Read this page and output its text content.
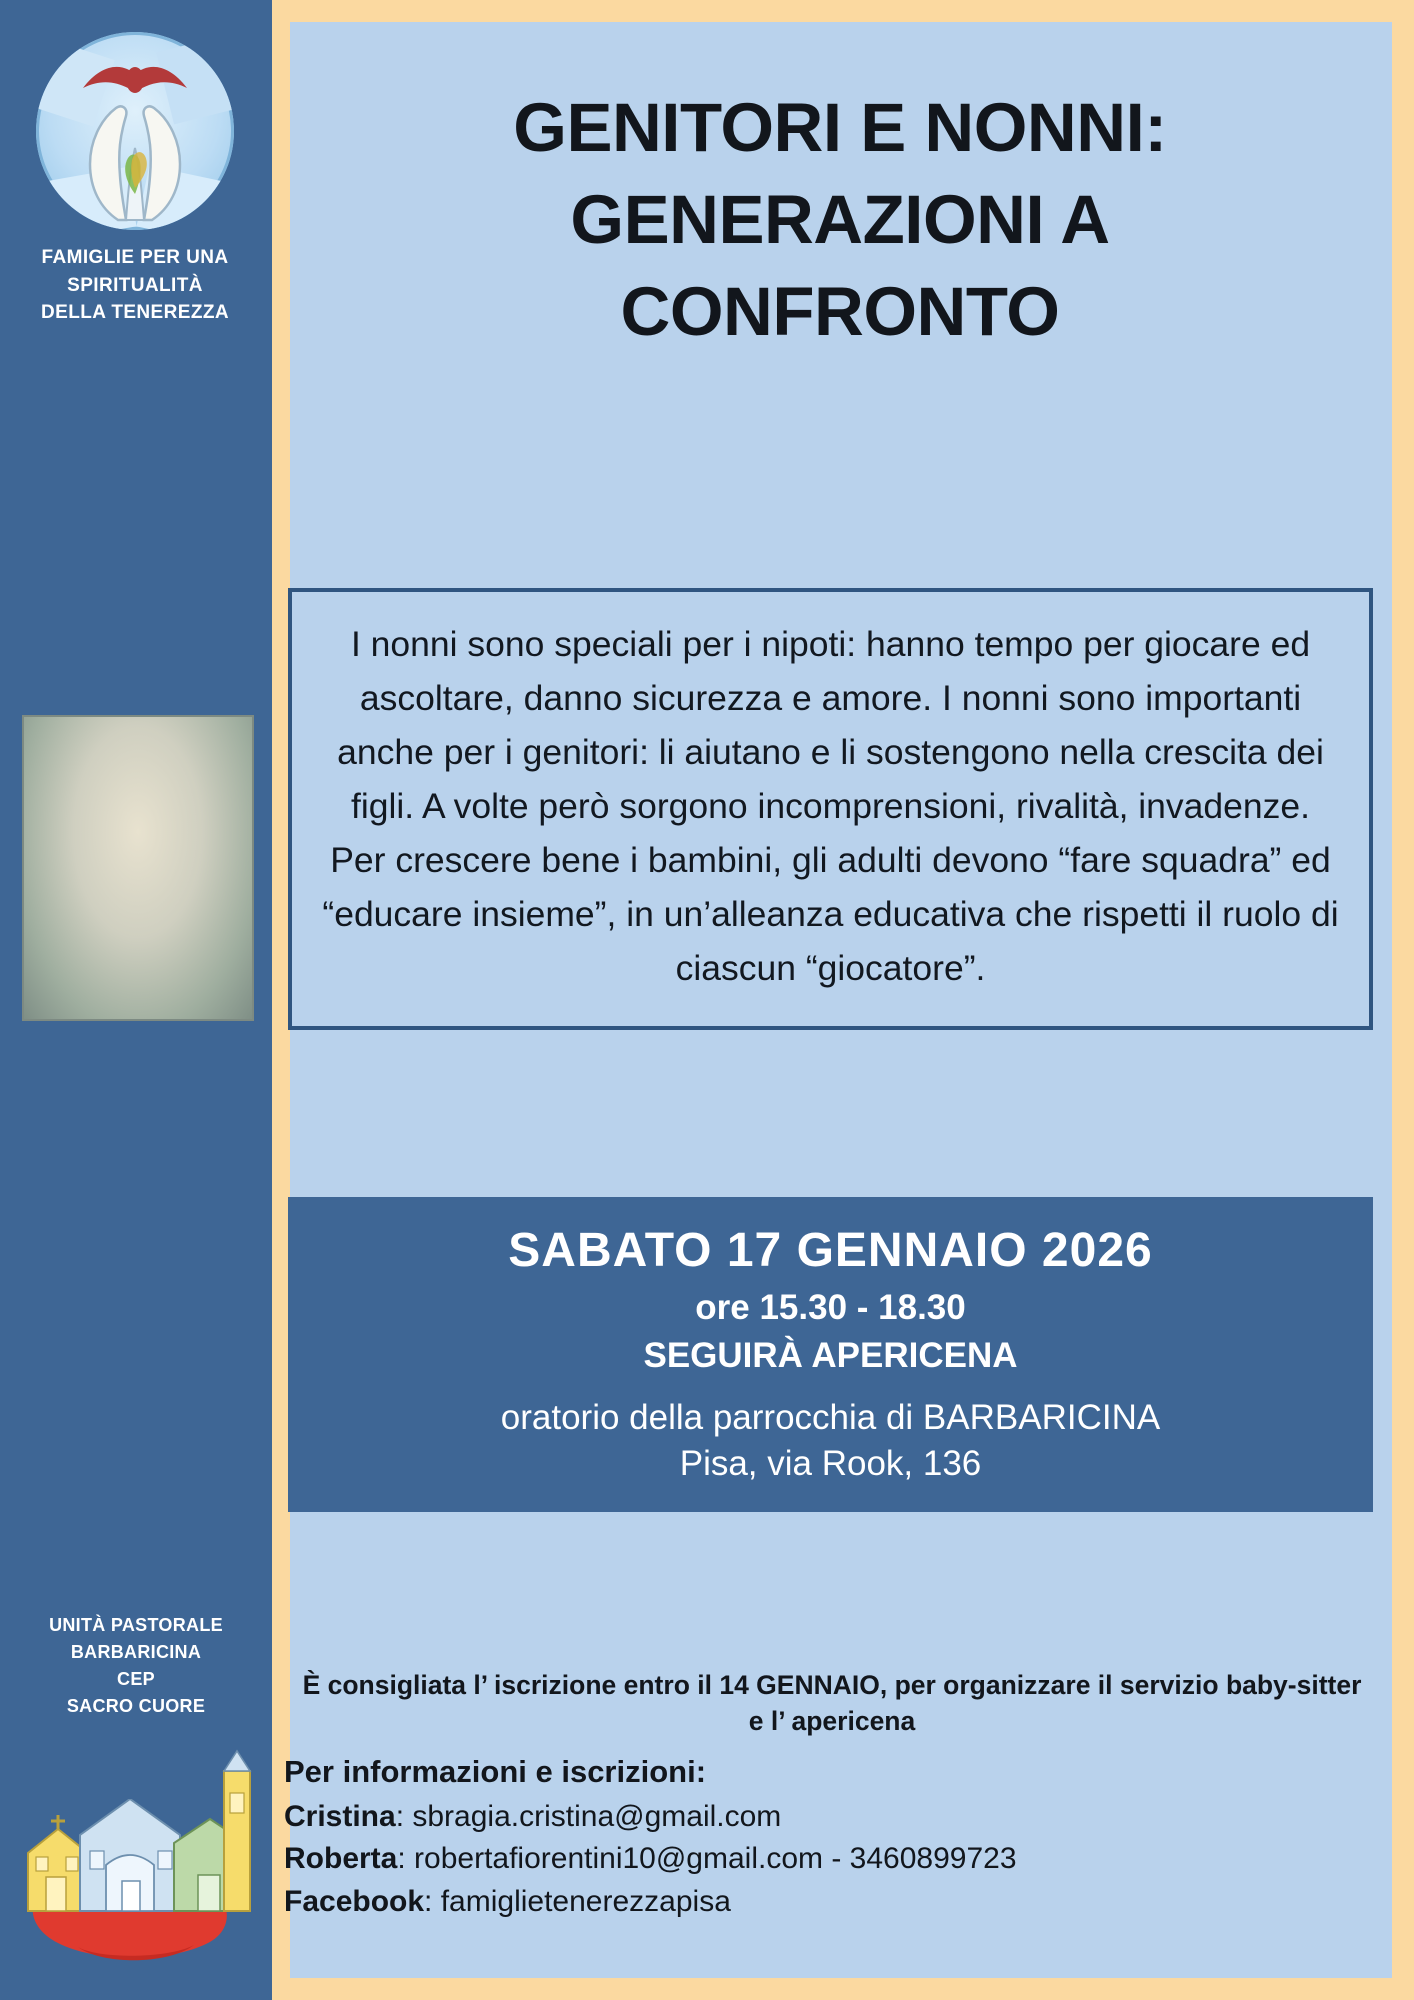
FAMIGLIE PER UNA
SPIRITUALITÀ
DELLA TENEREZZA
UNITÀ PASTORALE
BARBARICINA
CEP
SACRO CUORE
GENITORI E NONNI:
GENERAZIONI A
CONFRONTO
I nonni sono speciali per i nipoti: hanno tempo per giocare ed ascoltare, danno sicurezza e amore. I nonni sono importanti anche per i genitori: li aiutano e li sostengono nella crescita dei figli. A volte però sorgono incomprensioni, rivalità, invadenze. Per crescere bene i bambini, gli adulti devono “fare squadra” ed “educare insieme”, in un’alleanza educativa che rispetti il ruolo di ciascun “giocatore”.
SABATO 17 GENNAIO 2026
ore 15.30 - 18.30
SEGUIRÀ APERICENA
oratorio della parrocchia di BARBARICINA
Pisa, via Rook, 136
È consigliata l’ iscrizione entro il 14 GENNAIO, per organizzare il servizio baby-sitter e l’ apericena
Per informazioni e iscrizioni:
Cristina: sbragia.cristina@gmail.com
Roberta: robertafiorentini10@gmail.com - 3460899723
Facebook: famiglietenerezzapisa
